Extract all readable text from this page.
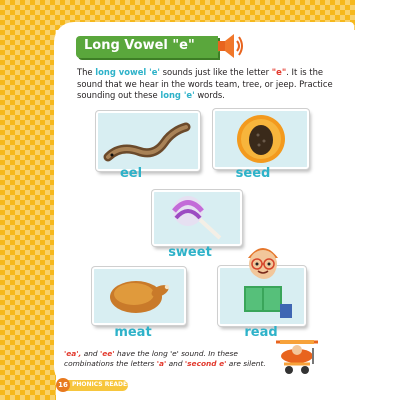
Long Vowel "e"
The long vowel 'e' sounds just like the letter "e". It is the sound that we hear in the words team, tree, or jeep. Practice sounding out these long 'e' words.
eel	seed
sweet
meat	read
'ea', and 'ee' have the long 'e' sound. In these combinations the letters 'a' and 'second e' are silent.
16 PHONICS READER
